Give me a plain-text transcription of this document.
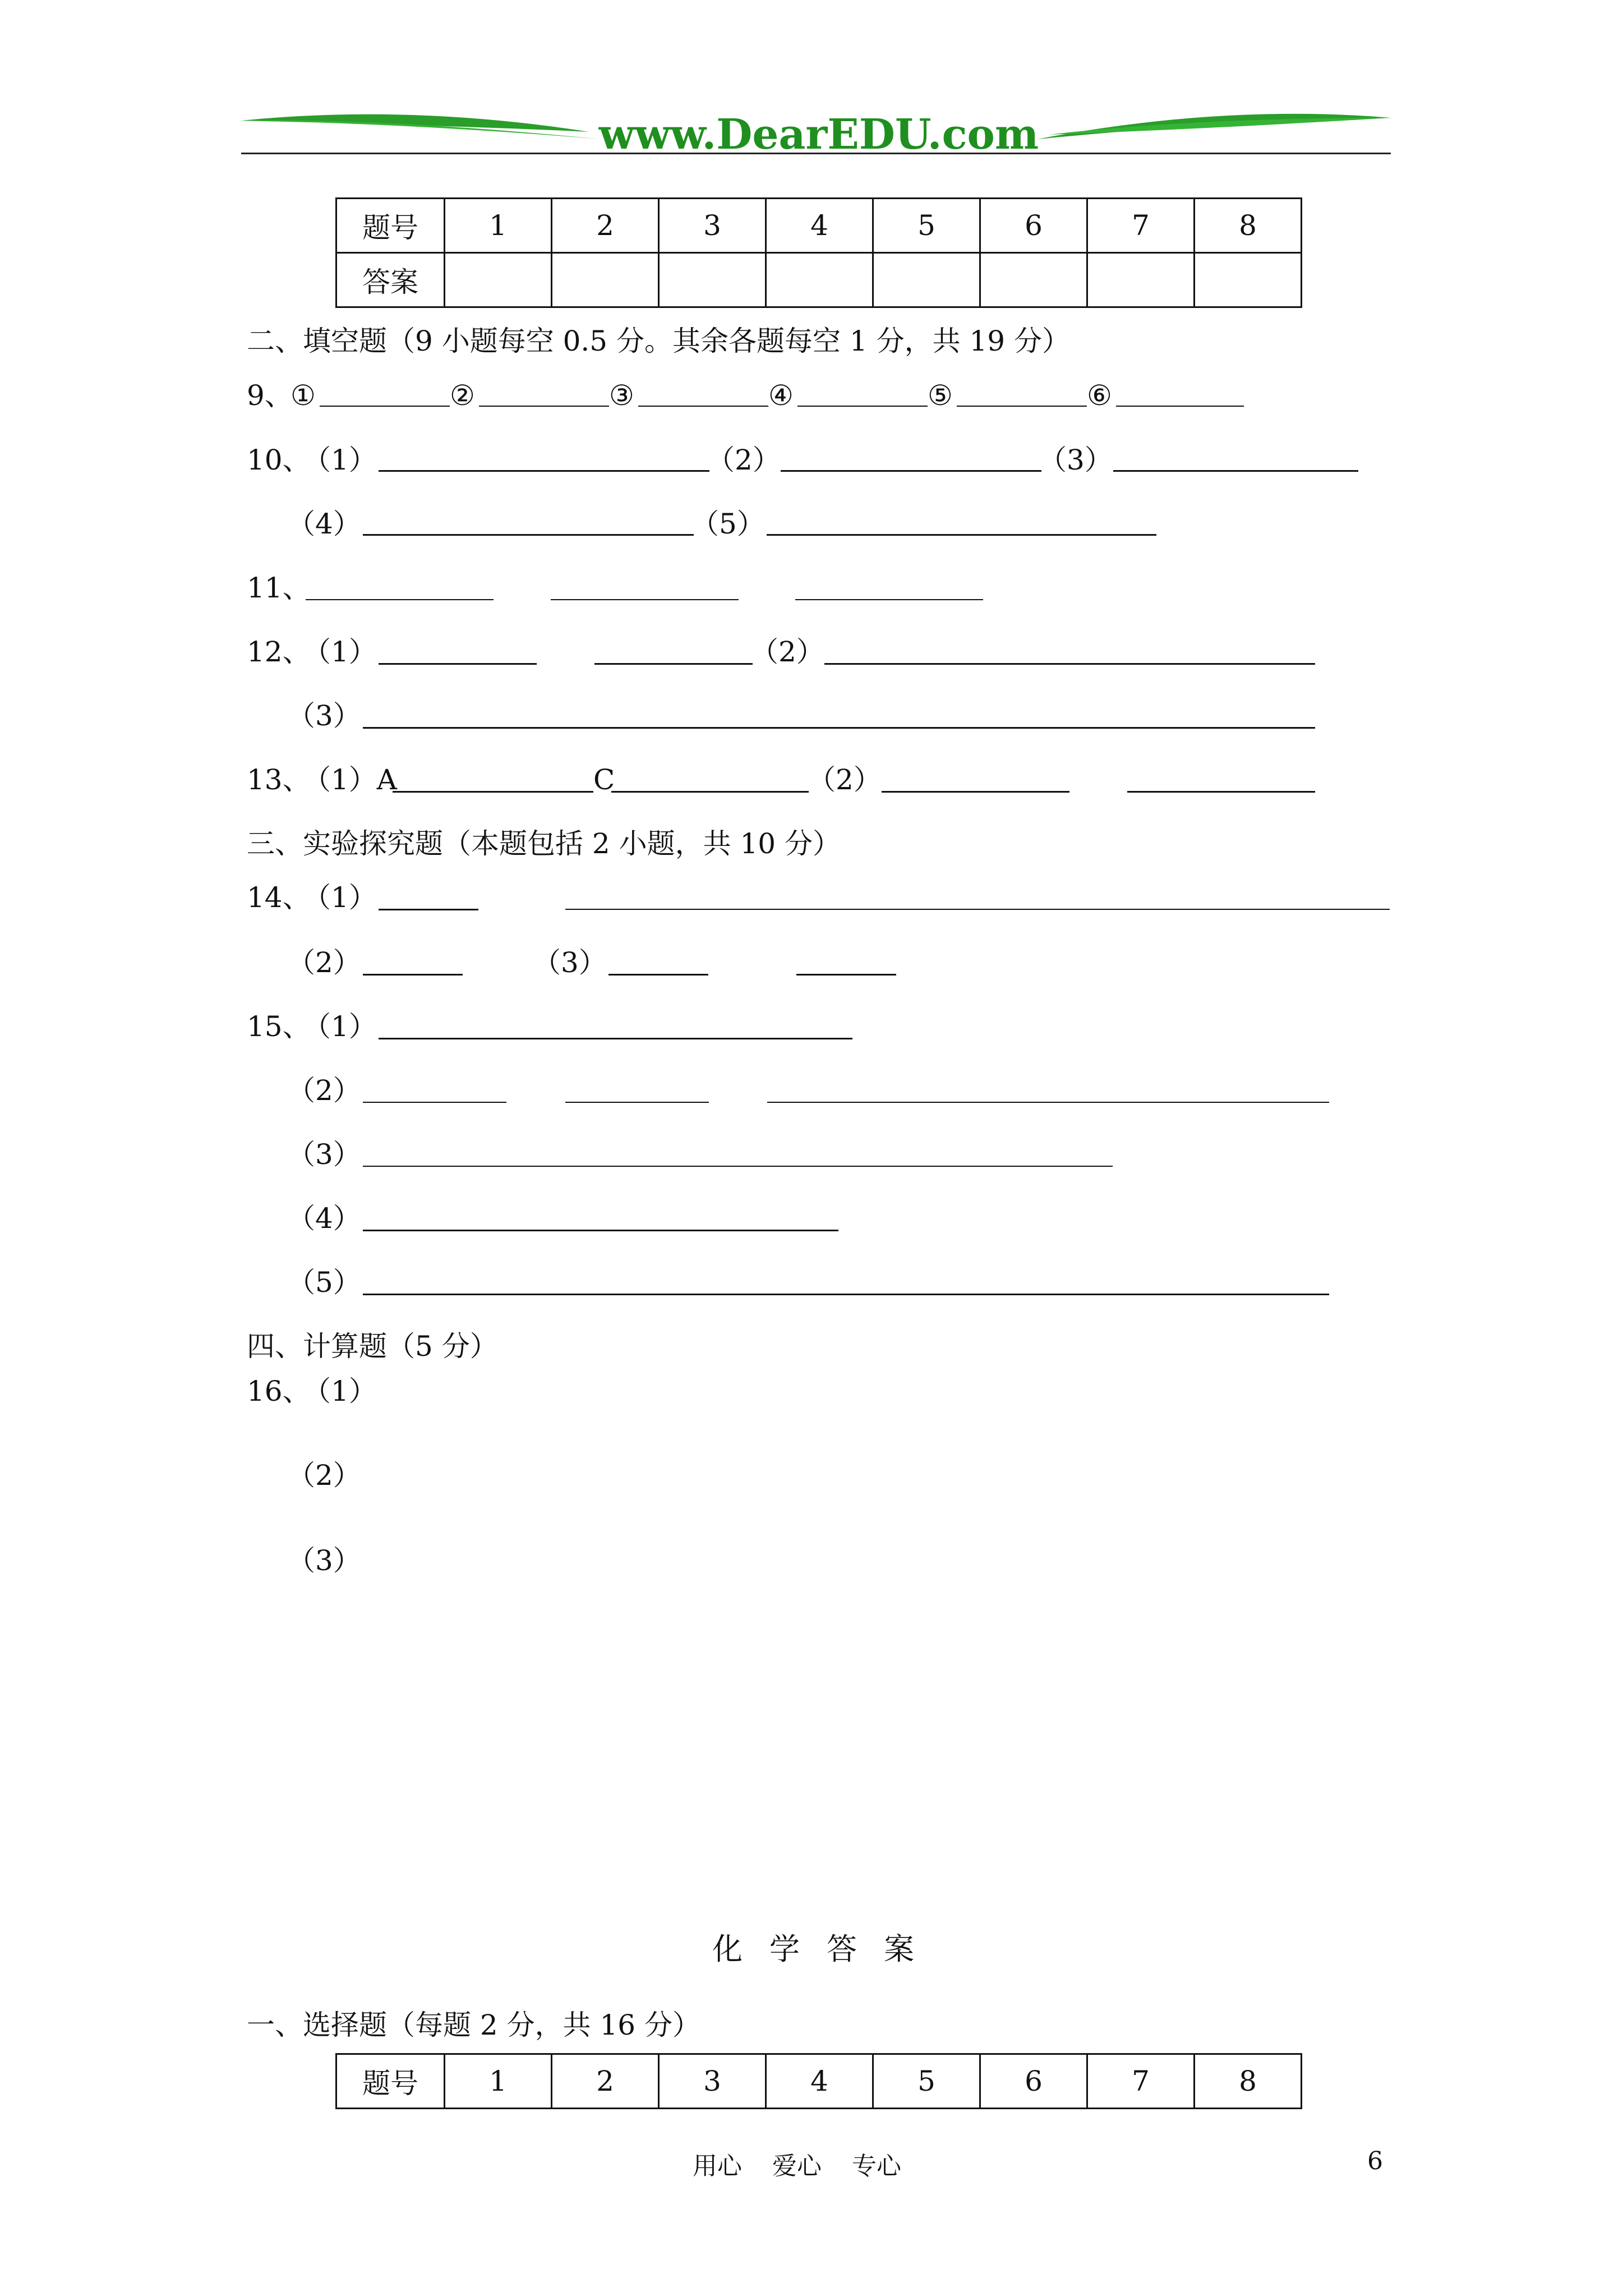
www.DearEDU.com
题号	1	2	3	4	5	6	7	8
答案								
二、填空题（9 小题每空 0.5 分。其余各题每空 1 分，共 19 分）
9、
①	②	③	④	⑤	⑥
10、
（1）	（2）	（3）
（4）	（5）
11、
12、
（1）	（2）
（3）
13、
（1）A	C	（2）
三、实验探究题（本题包括 2 小题，共 10 分）
14、
（1）
（2）	（3）
15、
（1）
（2）
（3）
（4）
（5）
四、计算题（5 分）
16、
（1）
（2）
（3）
化学答案
一、选择题（每题 2 分，共 16 分）
题号	1	2	3	4	5	6	7	8
用心 爱心 专心	6
